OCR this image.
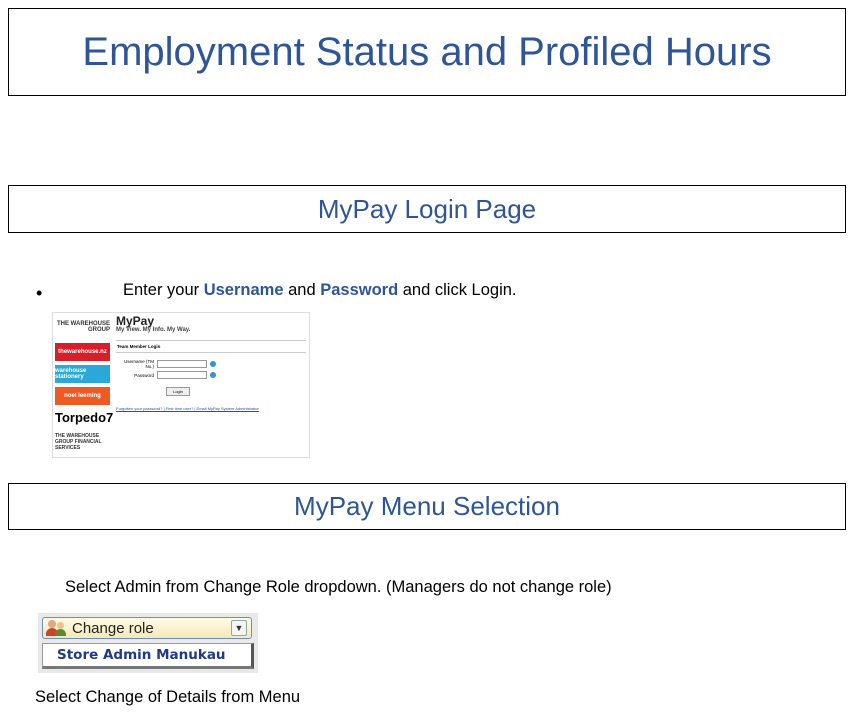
Employment Status and Profiled Hours
MyPay Login Page
•	Enter your Username and Password and click Login.
THE WAREHOUSE GROUP
thewarehouse.nz
warehouse stationery
noel leeming
Torpedo7
THE WAREHOUSE GROUP FINANCIAL SERVICES
MyPay
My View. My Info. My Way.
Team Member Login
Username (TM No.)
Password
Login
Forgotten your password? | First time user? | Email MyPay System Administrator
MyPay Menu Selection
Select Admin from Change Role dropdown. (Managers do not change role)
Change role	▼
Store Admin Manukau
Select Change of Details from Menu
